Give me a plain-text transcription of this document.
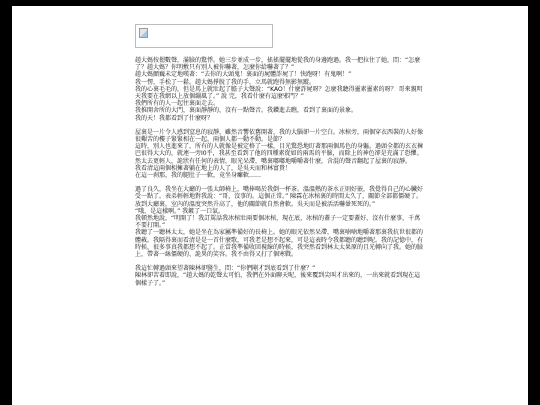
趙大媽按摁數聲，滿臉的驚悸。她三步並成一步，搖搖擺擺地從我的身邊跑過。我一把拉住了她，問：“怎麼了？趙大媽？你明敷只有別人被你嚇著，怎麼你給嚇著了？”

趙大媽顫巍未定地嘆著：“去你的大頭鬼！裏面的屍體詐屍了！快跑呀！有鬼啊！”

我一愣，手松了一鬆。趙大媽掙脫了我的手，立馬就跑得無影無蹤。

我的心裏毛毛的，但是馬上就壯起了膽子大聲說：“KAO！什麼詐屍呀？怎麼我聽得靈素靈素的呀？ 哥來親明天我要在我網以上放個繃風了。” 說 完，我看什麼有這麼邪門？”

我們所有的人一起往裏面走去。

我推開舍所的大門，裏面靜靜的，沒有一點聲音。我鑽進去瞧，看到了裏面的景象。

我的天！我都看到了什麼呀？

屋裏是一片令人感到窒息的寂靜，雖然音響依舊開著，我的大腦卻一片空白。冰棺旁，兩個穿衣西裝的人好像很艱苦的樓子緊緊相在一起，兩個人都一動不動。是節？

這時，別人也進來了，所有的人就像是被定格了一樣，目光驚恐地盯著那兩個馬色的身軀。過頭全都的玄衣褲巴很得大大的，就連一旁I0乎，我甚至看到了他的四種素從如的兩馬的平臉，而除上的神色卻是充滿了恐懼。然太去更輕人，詭狀有任何的表情，眼光呆滯，嘴裏嘟嘟地嚼嚼著什麼，含混的聲音翻起了屋裏的寂靜。

我看清這兩個相擁著躺在地上的人了，是吳天而和林富貴！

在這一刹那，我的腿肚子一軟，竟坐身癱軟……

過了良久，我坐在大廳的一張太師椅上，嘴捧喝於我倒一杯茶。溫溫熱的茶水正則好嵌，我覺得自己的心臟好受一點了。表弟輕輕地對我說：“哥，沒事的。這個正常。” 陳霖在冰棺裏的時間太久了，關節全部都僵硬了。放到大廳裏，室內的溫度突然升高了，他的關節就自然會軟。吳天而是被活活嚇暈死死的。”

“哦，是這樣啊。” 我鍍了一口氣。

我頓然地說，“明開了！我訂罵話我冰棺壯兩要個冰棺，現在底，冰棺的蓋子一定要蓋好，沒有什麼事，千萬不要打開。”

我聽了一聽林太太，她是坐在為家屬準備好的長椅上。她的眼光依然呆滯，嘴裏喃喃地嚼著那裏我抗世很都的體載。我隔得裏而看清是是一首什麼歌，可我老是想不起來，可是這表時令我都聽的聽到呢。我的記憶中，有時候，很多事真我都想不起了。正當我準備收回視線的時候，我突然看到林太太果原的且光轉向了我。她的臉上，帶著一絲僵硬的、詭異的笑容。我不由得又打了個寒戰。

我這忙轉過頭來望著陳林卻醫生，問：“你們剛才到底看到了什麼？”

陳林卻苦着即說，“趙大媽的乾聲太可怕，我們在外面聊天呢，後來覆到尖叫才出來的，一出來就看到現在這個樣子了。”
